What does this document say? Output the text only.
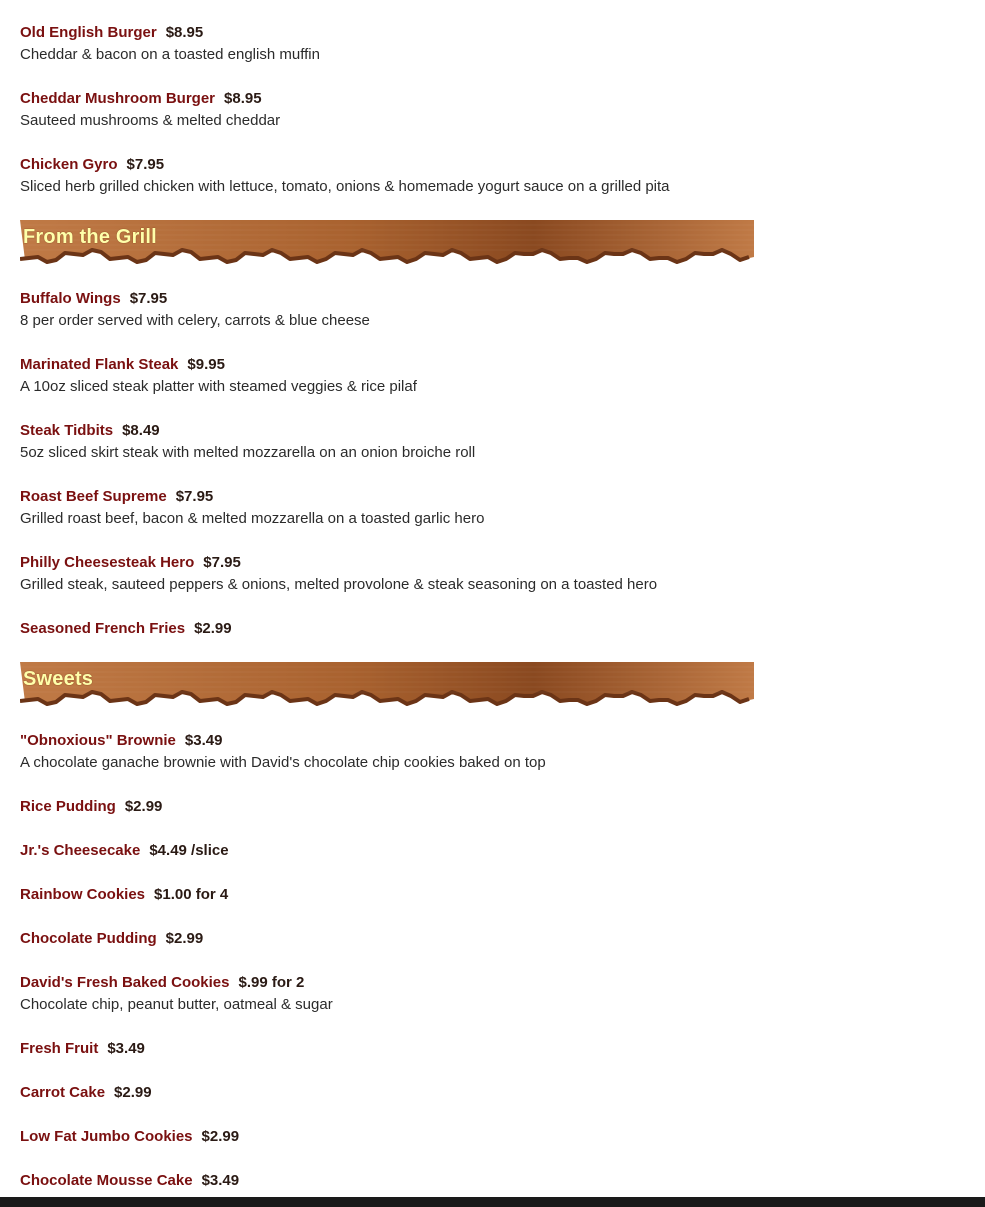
Old English Burger $8.95
Cheddar & bacon on a toasted english muffin
Cheddar Mushroom Burger $8.95
Sauteed mushrooms & melted cheddar
Chicken Gyro $7.95
Sliced herb grilled chicken with lettuce, tomato, onions & homemade yogurt sauce on a grilled pita
From the Grill
Buffalo Wings $7.95
8 per order served with celery, carrots & blue cheese
Marinated Flank Steak $9.95
A 10oz sliced steak platter with steamed veggies & rice pilaf
Steak Tidbits $8.49
5oz sliced skirt steak with melted mozzarella on an onion broiche roll
Roast Beef Supreme $7.95
Grilled roast beef, bacon & melted mozzarella on a toasted garlic hero
Philly Cheesesteak Hero $7.95
Grilled steak, sauteed peppers & onions, melted provolone & steak seasoning on a toasted hero
Seasoned French Fries $2.99
Sweets
"Obnoxious" Brownie $3.49
A chocolate ganache brownie with David's chocolate chip cookies baked on top
Rice Pudding $2.99
Jr.'s Cheesecake $4.49 /slice
Rainbow Cookies $1.00 for 4
Chocolate Pudding $2.99
David's Fresh Baked Cookies $.99 for 2
Chocolate chip, peanut butter, oatmeal & sugar
Fresh Fruit $3.49
Carrot Cake $2.99
Low Fat Jumbo Cookies $2.99
Chocolate Mousse Cake $3.49
